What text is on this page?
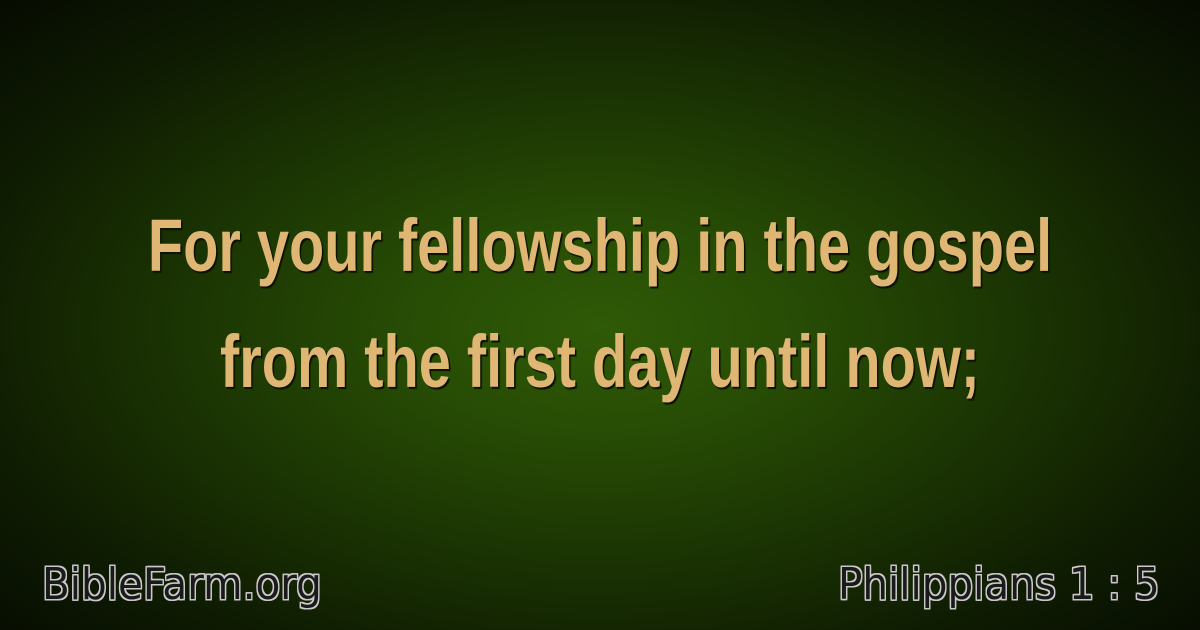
For your fellowship in the gospel
from the first day until now;
BibleFarm.org	Philippians 1 : 5
